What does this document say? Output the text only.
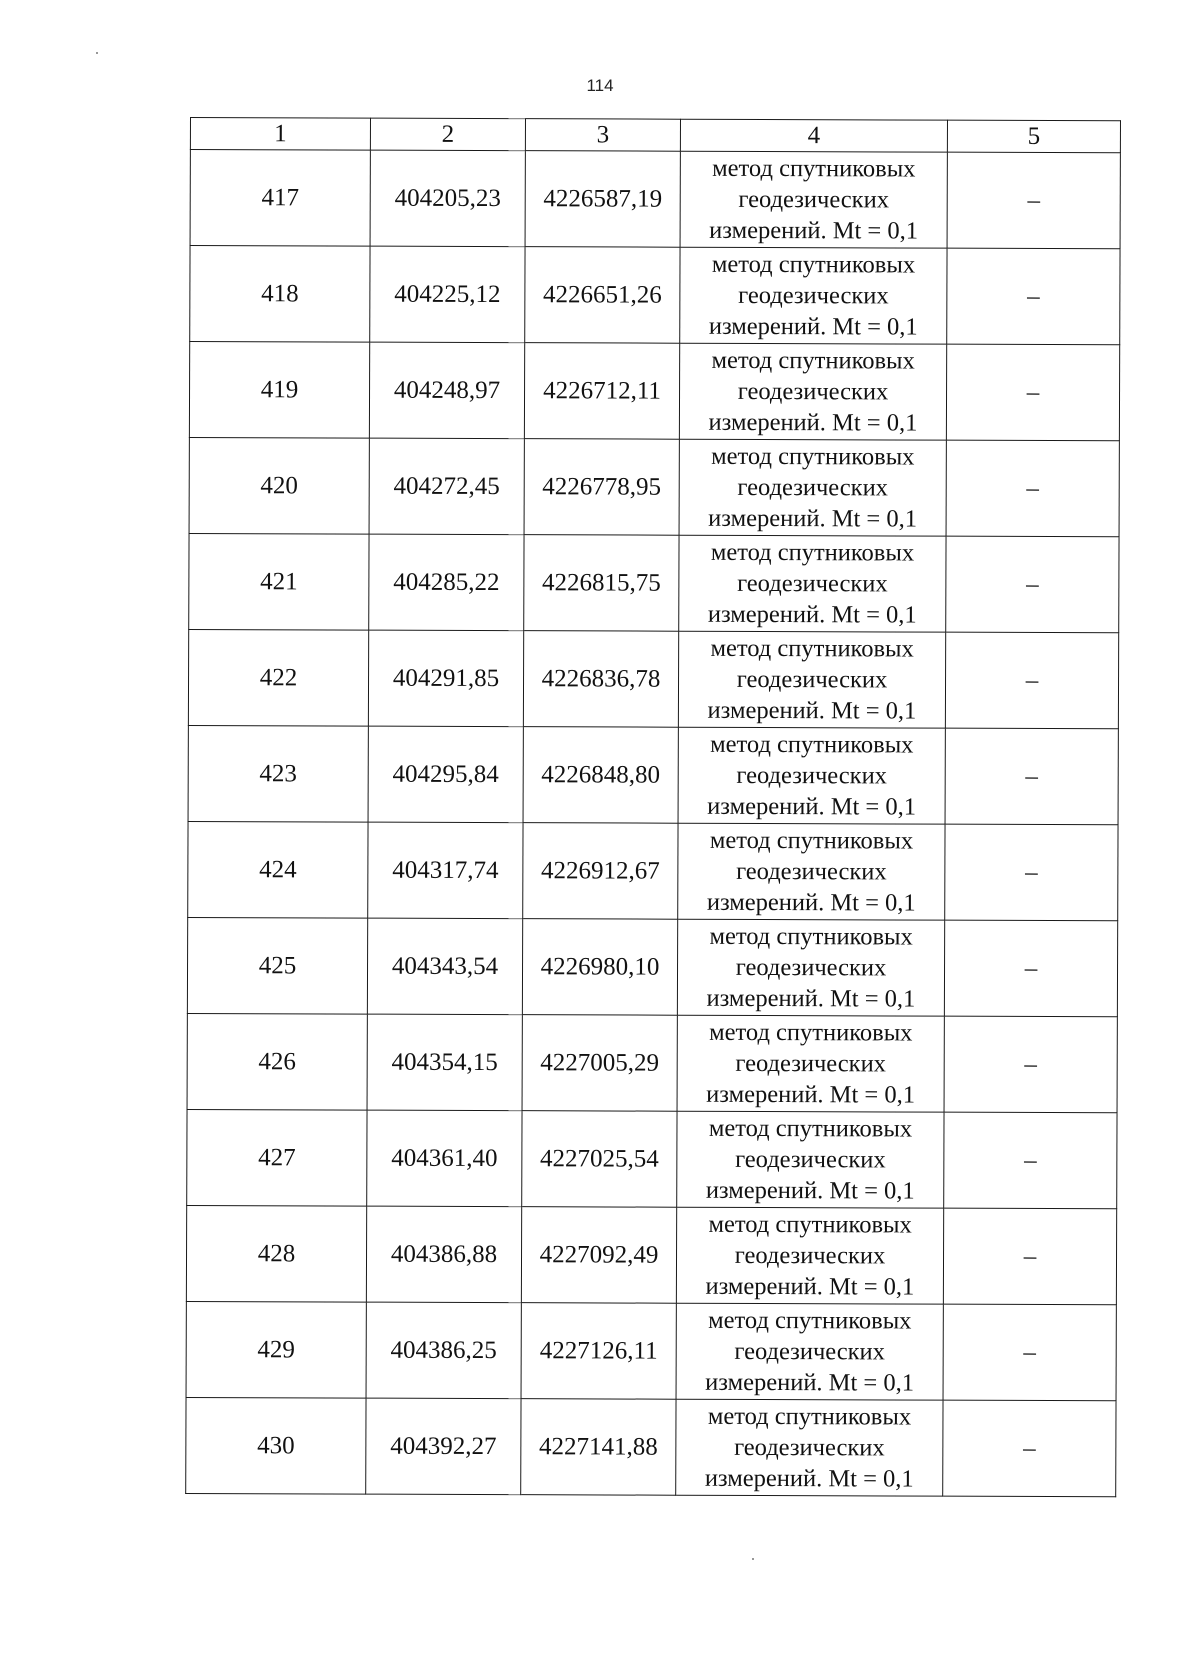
114
1	2	3	4	5
417	404205,23	4226587,19	метод спутниковых
геодезических
измерений. Mt = 0,1	–
418	404225,12	4226651,26	метод спутниковых
геодезических
измерений. Mt = 0,1	–
419	404248,97	4226712,11	метод спутниковых
геодезических
измерений. Mt = 0,1	–
420	404272,45	4226778,95	метод спутниковых
геодезических
измерений. Mt = 0,1	–
421	404285,22	4226815,75	метод спутниковых
геодезических
измерений. Mt = 0,1	–
422	404291,85	4226836,78	метод спутниковых
геодезических
измерений. Mt = 0,1	–
423	404295,84	4226848,80	метод спутниковых
геодезических
измерений. Mt = 0,1	–
424	404317,74	4226912,67	метод спутниковых
геодезических
измерений. Mt = 0,1	–
425	404343,54	4226980,10	метод спутниковых
геодезических
измерений. Mt = 0,1	–
426	404354,15	4227005,29	метод спутниковых
геодезических
измерений. Mt = 0,1	–
427	404361,40	4227025,54	метод спутниковых
геодезических
измерений. Mt = 0,1	–
428	404386,88	4227092,49	метод спутниковых
геодезических
измерений. Mt = 0,1	–
429	404386,25	4227126,11	метод спутниковых
геодезических
измерений. Mt = 0,1	–
430	404392,27	4227141,88	метод спутниковых
геодезических
измерений. Mt = 0,1	–
